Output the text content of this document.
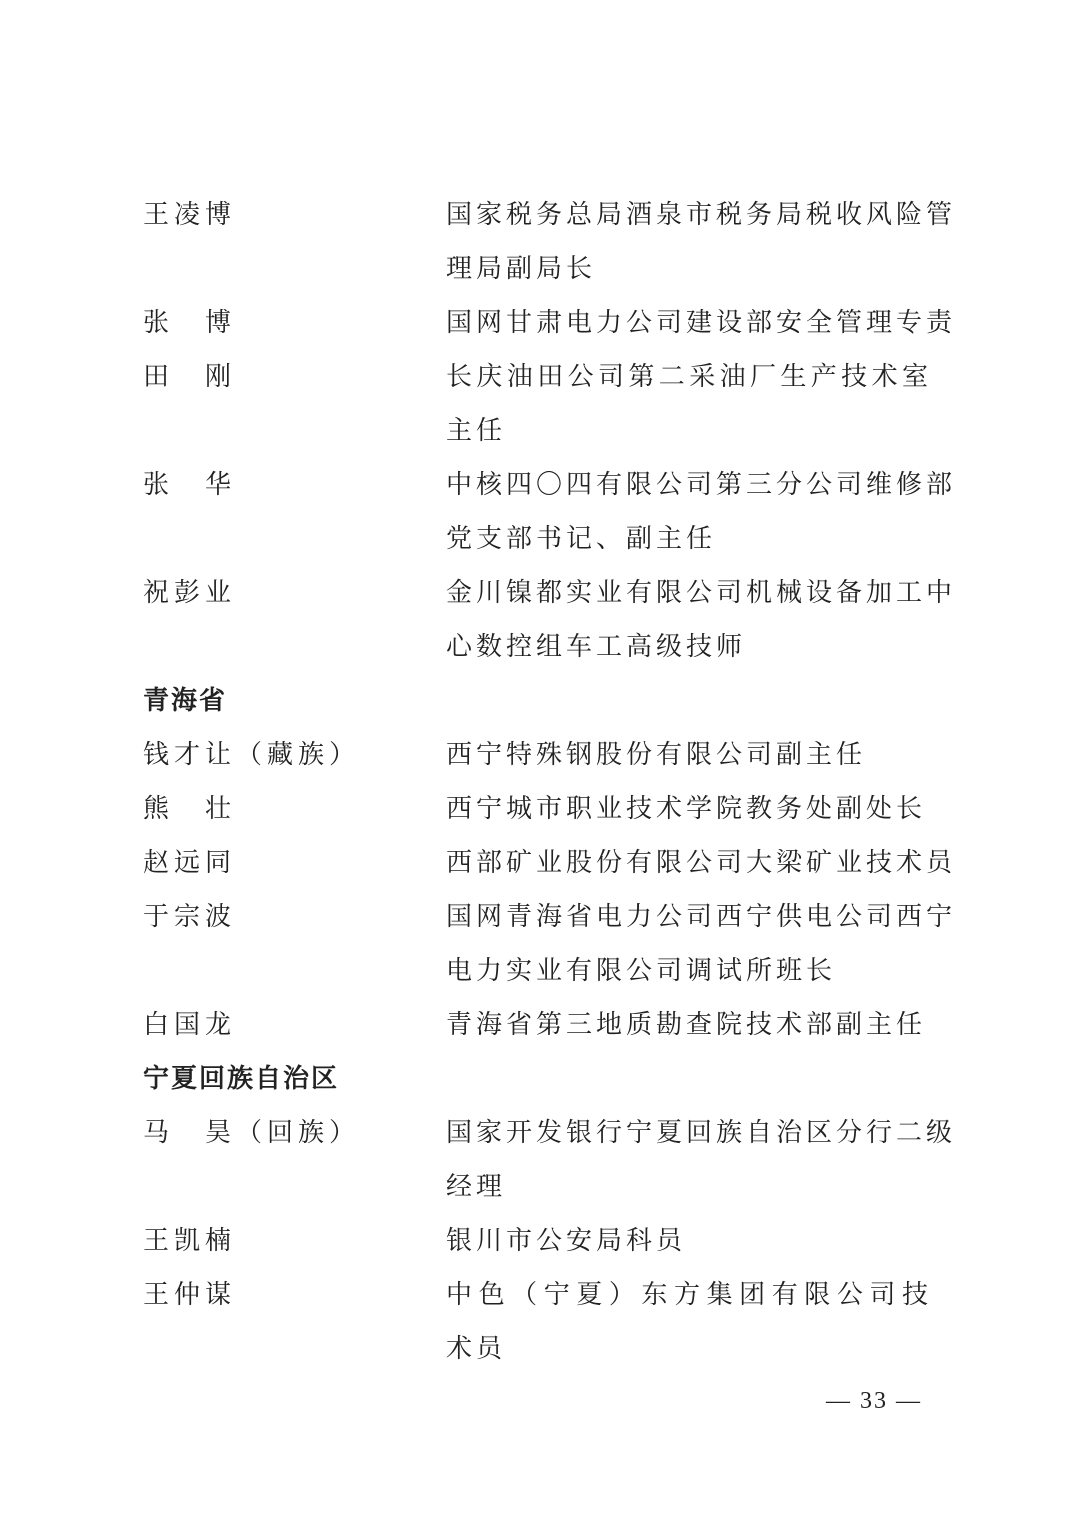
王凌博	国家税务总局酒泉市税务局税收风险管
理局副局长
张　博	国网甘肃电力公司建设部安全管理专责
田　刚	长庆油田公司第二采油厂生产技术室
主任
张　华	中核四〇四有限公司第三分公司维修部
党支部书记、副主任
祝彭业	金川镍都实业有限公司机械设备加工中
心数控组车工高级技师
青海省
钱才让（藏族）	西宁特殊钢股份有限公司副主任
熊　壮	西宁城市职业技术学院教务处副处长
赵远同	西部矿业股份有限公司大梁矿业技术员
于宗波	国网青海省电力公司西宁供电公司西宁
电力实业有限公司调试所班长
白国龙	青海省第三地质勘查院技术部副主任
宁夏回族自治区
马　昊（回族）	国家开发银行宁夏回族自治区分行二级
经理
王凯楠	银川市公安局科员
王仲谋	中色（宁夏）东方集团有限公司技
术员
— 33 —
